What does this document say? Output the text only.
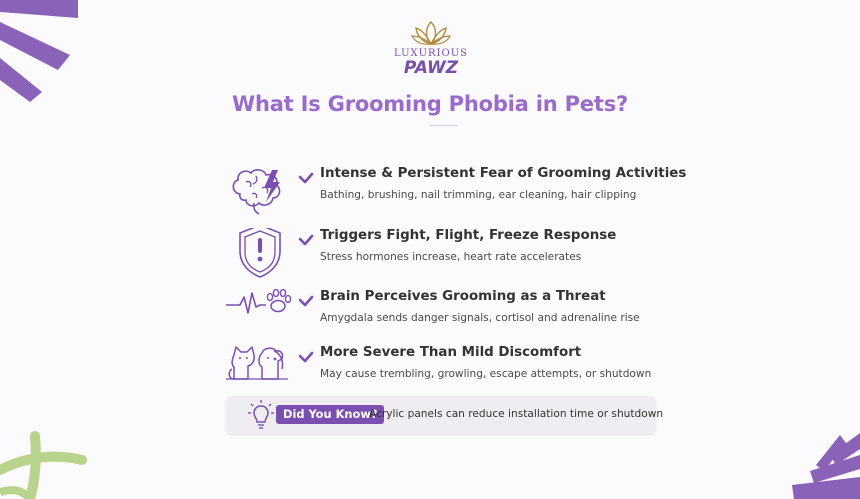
LUXURIOUS
PAWZ
What Is Grooming Phobia in Pets?
Intense & Persistent Fear of Grooming Activities
Bathing, brushing, nail trimming, ear cleaning, hair clipping
Triggers Fight, Flight, Freeze Response
Stress hormones increase, heart rate accelerates
Brain Perceives Grooming as a Threat
Amygdala sends danger signals, cortisol and adrenaline rise
More Severe Than Mild Discomfort
May cause trembling, growling, escape attempts, or shutdown
Did You Know?
Acrylic panels can reduce installation time or shutdown
